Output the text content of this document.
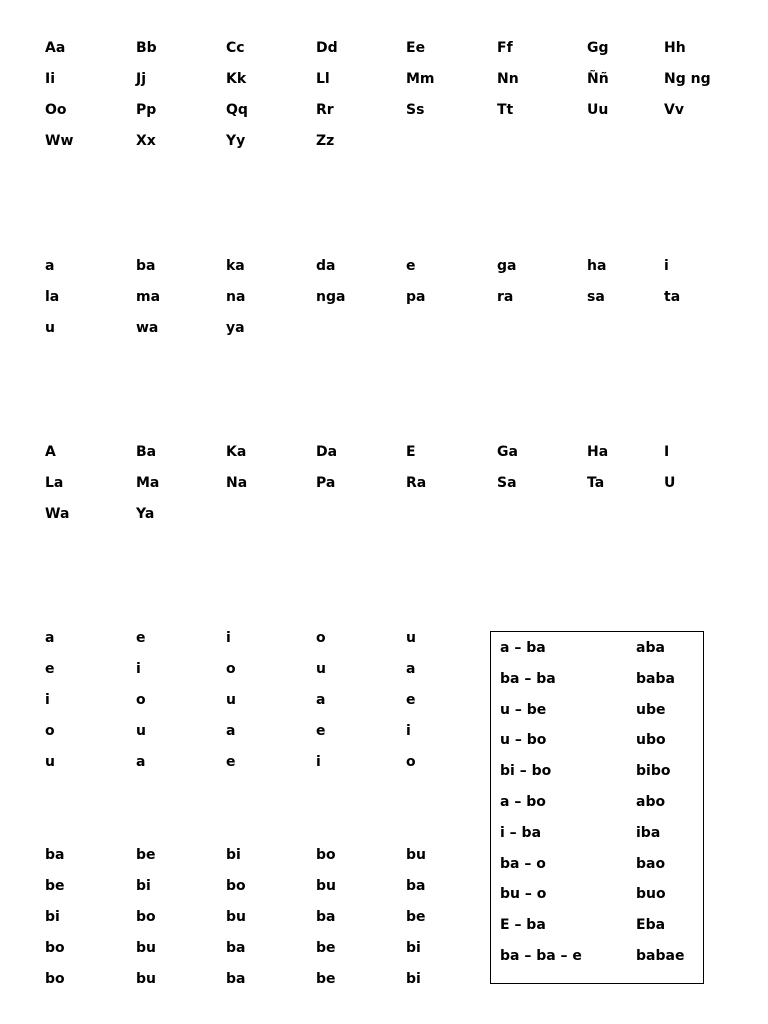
Aa	Bb	Cc	Dd	Ee	Ff	Gg	Hh
Ii	Jj	Kk	Ll	Mm	Nn	Ññ	Ng ng
Oo	Pp	Qq	Rr	Ss	Tt	Uu	Vv
Ww	Xx	Yy	Zz
a	ba	ka	da	e	ga	ha	i
la	ma	na	nga	pa	ra	sa	ta
u	wa	ya
A	Ba	Ka	Da	E	Ga	Ha	I
La	Ma	Na	Pa	Ra	Sa	Ta	U
Wa	Ya
a	e	i	o	u
e	i	o	u	a
i	o	u	a	e
o	u	a	e	i
u	a	e	i	o
ba	be	bi	bo	bu
be	bi	bo	bu	ba
bi	bo	bu	ba	be
bo	bu	ba	be	bi
bo	bu	ba	be	bi
a – ba	aba
ba – ba	baba
u – be	ube
u – bo	ubo
bi – bo	bibo
a – bo	abo
i – ba	iba
ba – o	bao
bu – o	buo
E – ba	Eba
ba – ba – e	babae
